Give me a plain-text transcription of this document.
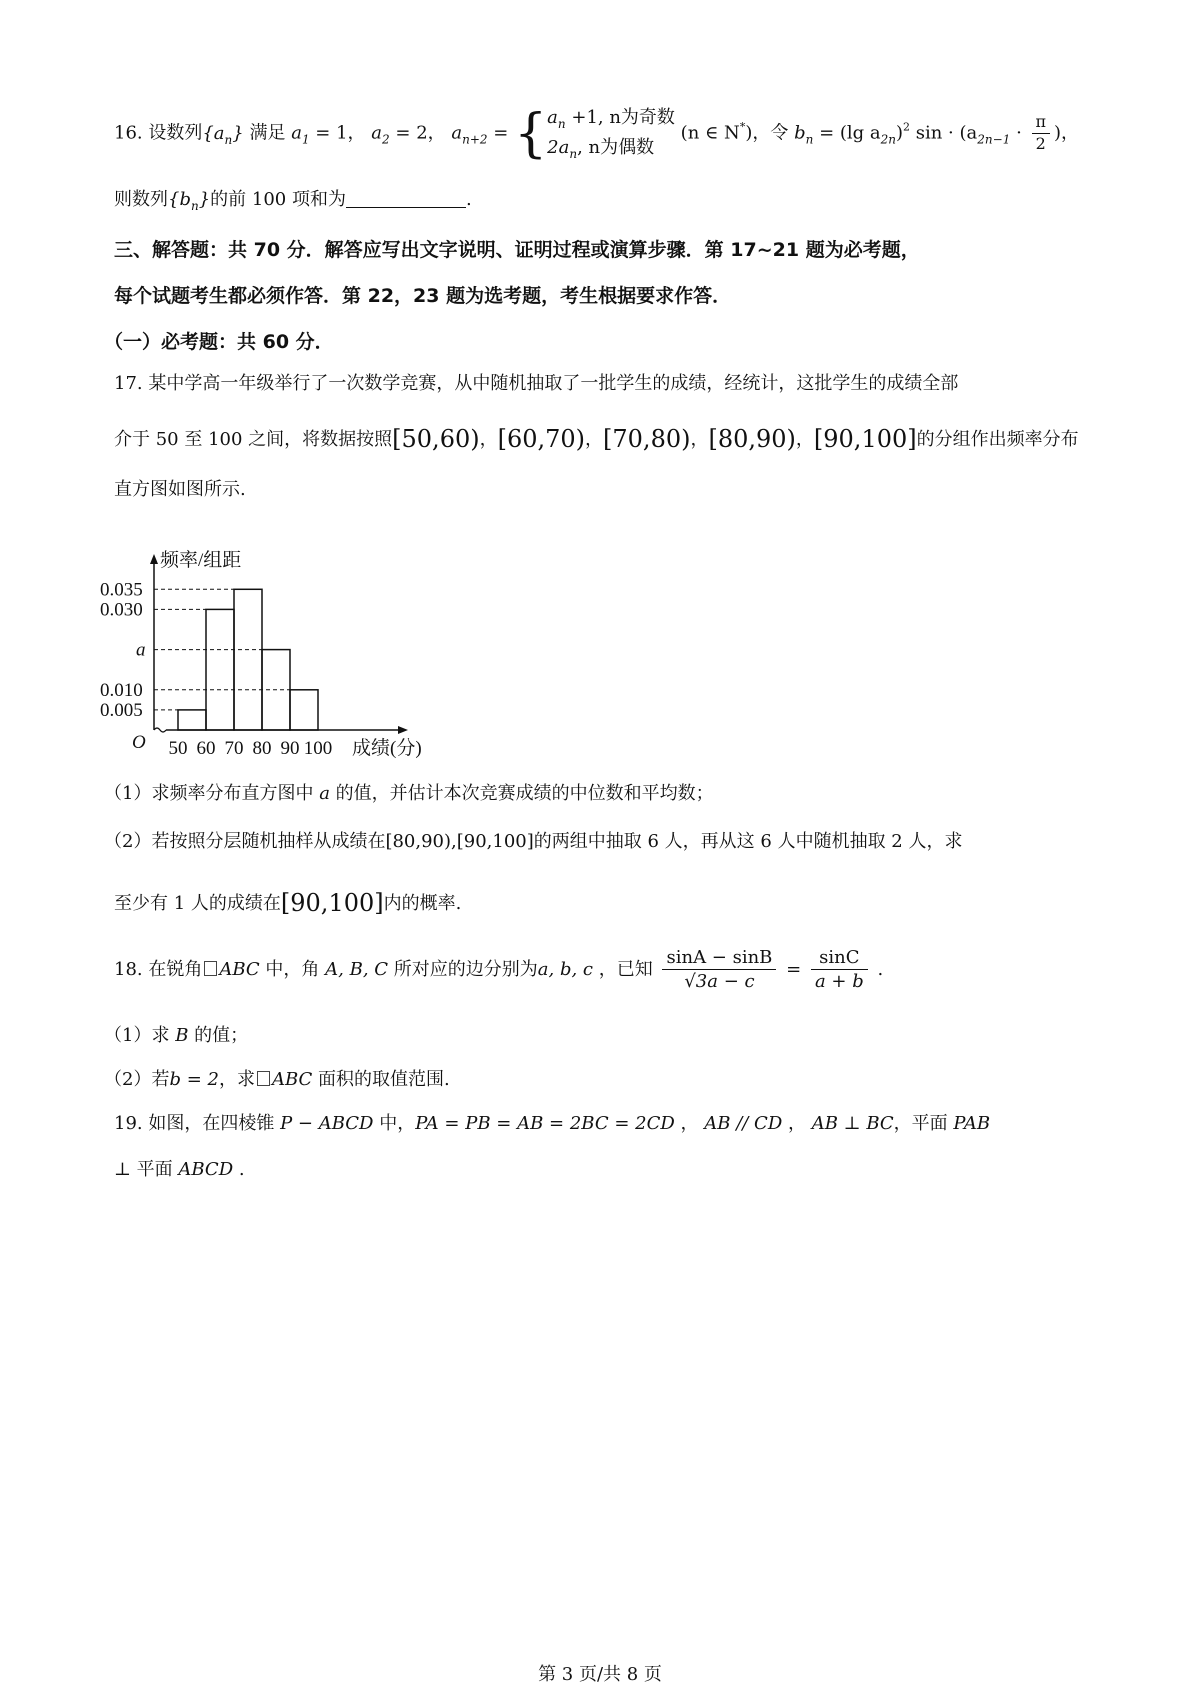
16. 设数列$\{a_n\}$ 满足 $a_1 = 1$， $a_2 = 2$， $a_{n+2}$ = { $a_n +1$, n为奇数
$2a_n$, n为偶数
(n ∈ N*)，令 $b_n = (\lg$ $a_{2n})^2$ $\sin \cdot (a_{2n-1} \cdot \frac{\pi}{2}$ )，
则数列$\{b_n\}$的前 100 项和为	.
三、解答题：共 70 分．解答应写出文字说明、证明过程或演算步骤．第 17~21 题为必考题，
每个试题考生都必须作答．第 22，23 题为选考题，考生根据要求作答．
（一）必考题：共 60 分．
17. 某中学高一年级举行了一次数学竞赛，从中随机抽取了一批学生的成绩，经统计，这批学生的成绩全部
介于 50 至 100 之间，将数据按照[50,60)，[60,70)，[70,80)，[80,90)，[90,100]的分组作出频率分布
直方图如图所示.
频率/组距
成绩(分)
O
0.005
0.010
a
0.030
0.035
50 60 70 80 90 100
（1）求频率分布直方图中 a 的值，并估计本次竞赛成绩的中位数和平均数；
（2）若按照分层随机抽样从成绩在[80,90),[90,100]的两组中抽取 6 人，再从这 6 人中随机抽取 2 人，求
至少有 1 人的成绩在[90,100]内的概率.
18. 在锐角 ABC 中，角 A, B, C 所对应的边分别为a, b, c ，已知 $\frac{\sin A - \sin B}{√3a - c} = \frac{\sin C}{a + b}$ .
（1）求 B 的值；
（2）若b = 2，求 ABC 面积的取值范围.
19. 如图，在四棱锥 P − ABCD 中，PA = PB = AB = 2BC = 2CD ， AB // CD ， AB ⊥ BC，平面 PAB
⊥ 平面 ABCD .
第 3 页/共 8 页
